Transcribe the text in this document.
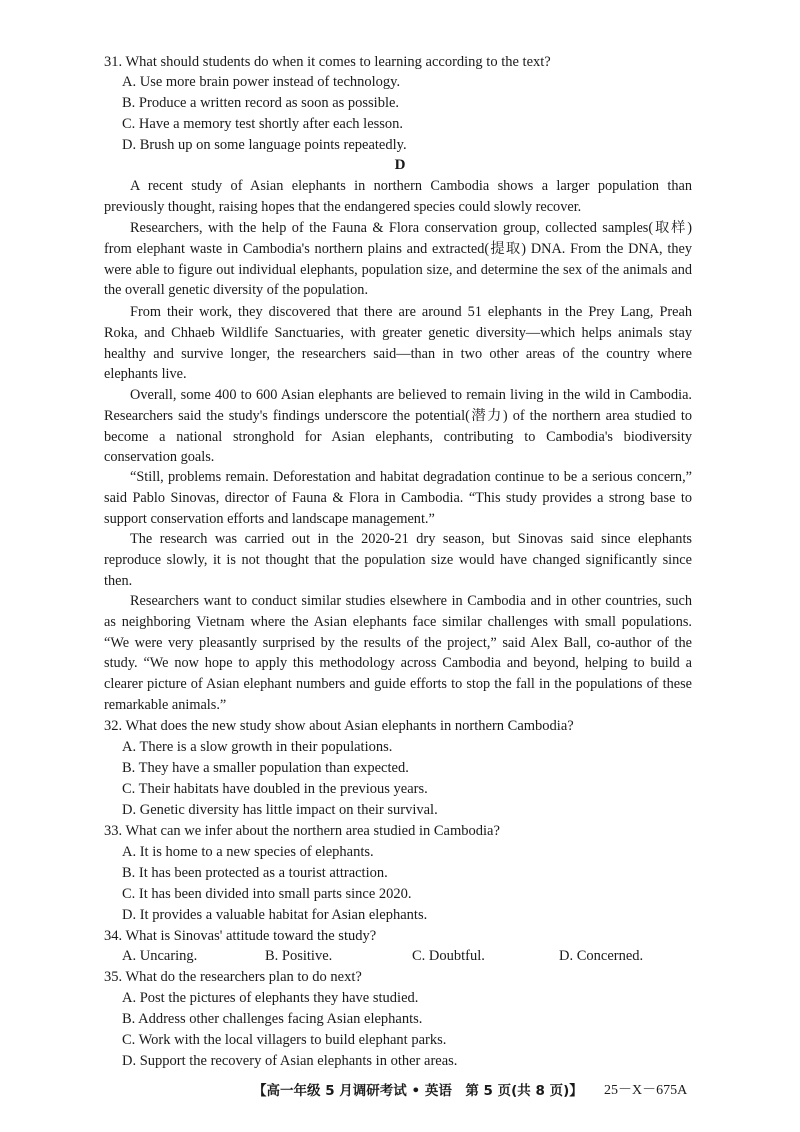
31. What should students do when it comes to learning according to the text?
A. Use more brain power instead of technology.
B. Produce a written record as soon as possible.
C. Have a memory test shortly after each lesson.
D. Brush up on some language points repeatedly.
D
A recent study of Asian elephants in northern Cambodia shows a larger population than previously thought, raising hopes that the endangered species could slowly recover.
Researchers, with the help of the Fauna & Flora conservation group, collected samples(取样) from elephant waste in Cambodia's northern plains and extracted(提取) DNA. From the DNA, they were able to figure out individual elephants, population size, and determine the sex of the animals and the overall genetic diversity of the population.
From their work, they discovered that there are around 51 elephants in the Prey Lang, Preah Roka, and Chhaeb Wildlife Sanctuaries, with greater genetic diversity—which helps animals stay healthy and survive longer, the researchers said—than in two other areas of the country where elephants live.
Overall, some 400 to 600 Asian elephants are believed to remain living in the wild in Cambodia. Researchers said the study's findings underscore the potential(潜力) of the northern area studied to become a national stronghold for Asian elephants, contributing to Cambodia's biodiversity conservation goals.
“Still, problems remain. Deforestation and habitat degradation continue to be a serious concern,” said Pablo Sinovas, director of Fauna & Flora in Cambodia. “This study provides a strong base to support conservation efforts and landscape management.”
The research was carried out in the 2020-21 dry season, but Sinovas said since elephants reproduce slowly, it is not thought that the population size would have changed significantly since then.
Researchers want to conduct similar studies elsewhere in Cambodia and in other countries, such as neighboring Vietnam where the Asian elephants face similar challenges with small populations. “We were very pleasantly surprised by the results of the project,” said Alex Ball, co-author of the study. “We now hope to apply this methodology across Cambodia and beyond, helping to build a clearer picture of Asian elephant numbers and guide efforts to stop the fall in the populations of these remarkable animals.”
32. What does the new study show about Asian elephants in northern Cambodia?
A. There is a slow growth in their populations.
B. They have a smaller population than expected.
C. Their habitats have doubled in the previous years.
D. Genetic diversity has little impact on their survival.
33. What can we infer about the northern area studied in Cambodia?
A. It is home to a new species of elephants.
B. It has been protected as a tourist attraction.
C. It has been divided into small parts since 2020.
D. It provides a valuable habitat for Asian elephants.
34. What is Sinovas' attitude toward the study?
A. Uncaring.	B. Positive.	C. Doubtful.	D. Concerned.
35. What do the researchers plan to do next?
A. Post the pictures of elephants they have studied.
B. Address other challenges facing Asian elephants.
C. Work with the local villagers to build elephant parks.
D. Support the recovery of Asian elephants in other areas.
【高一年级 5 月调研考试 • 英语　第 5 页(共 8 页)】 25－X－675A
